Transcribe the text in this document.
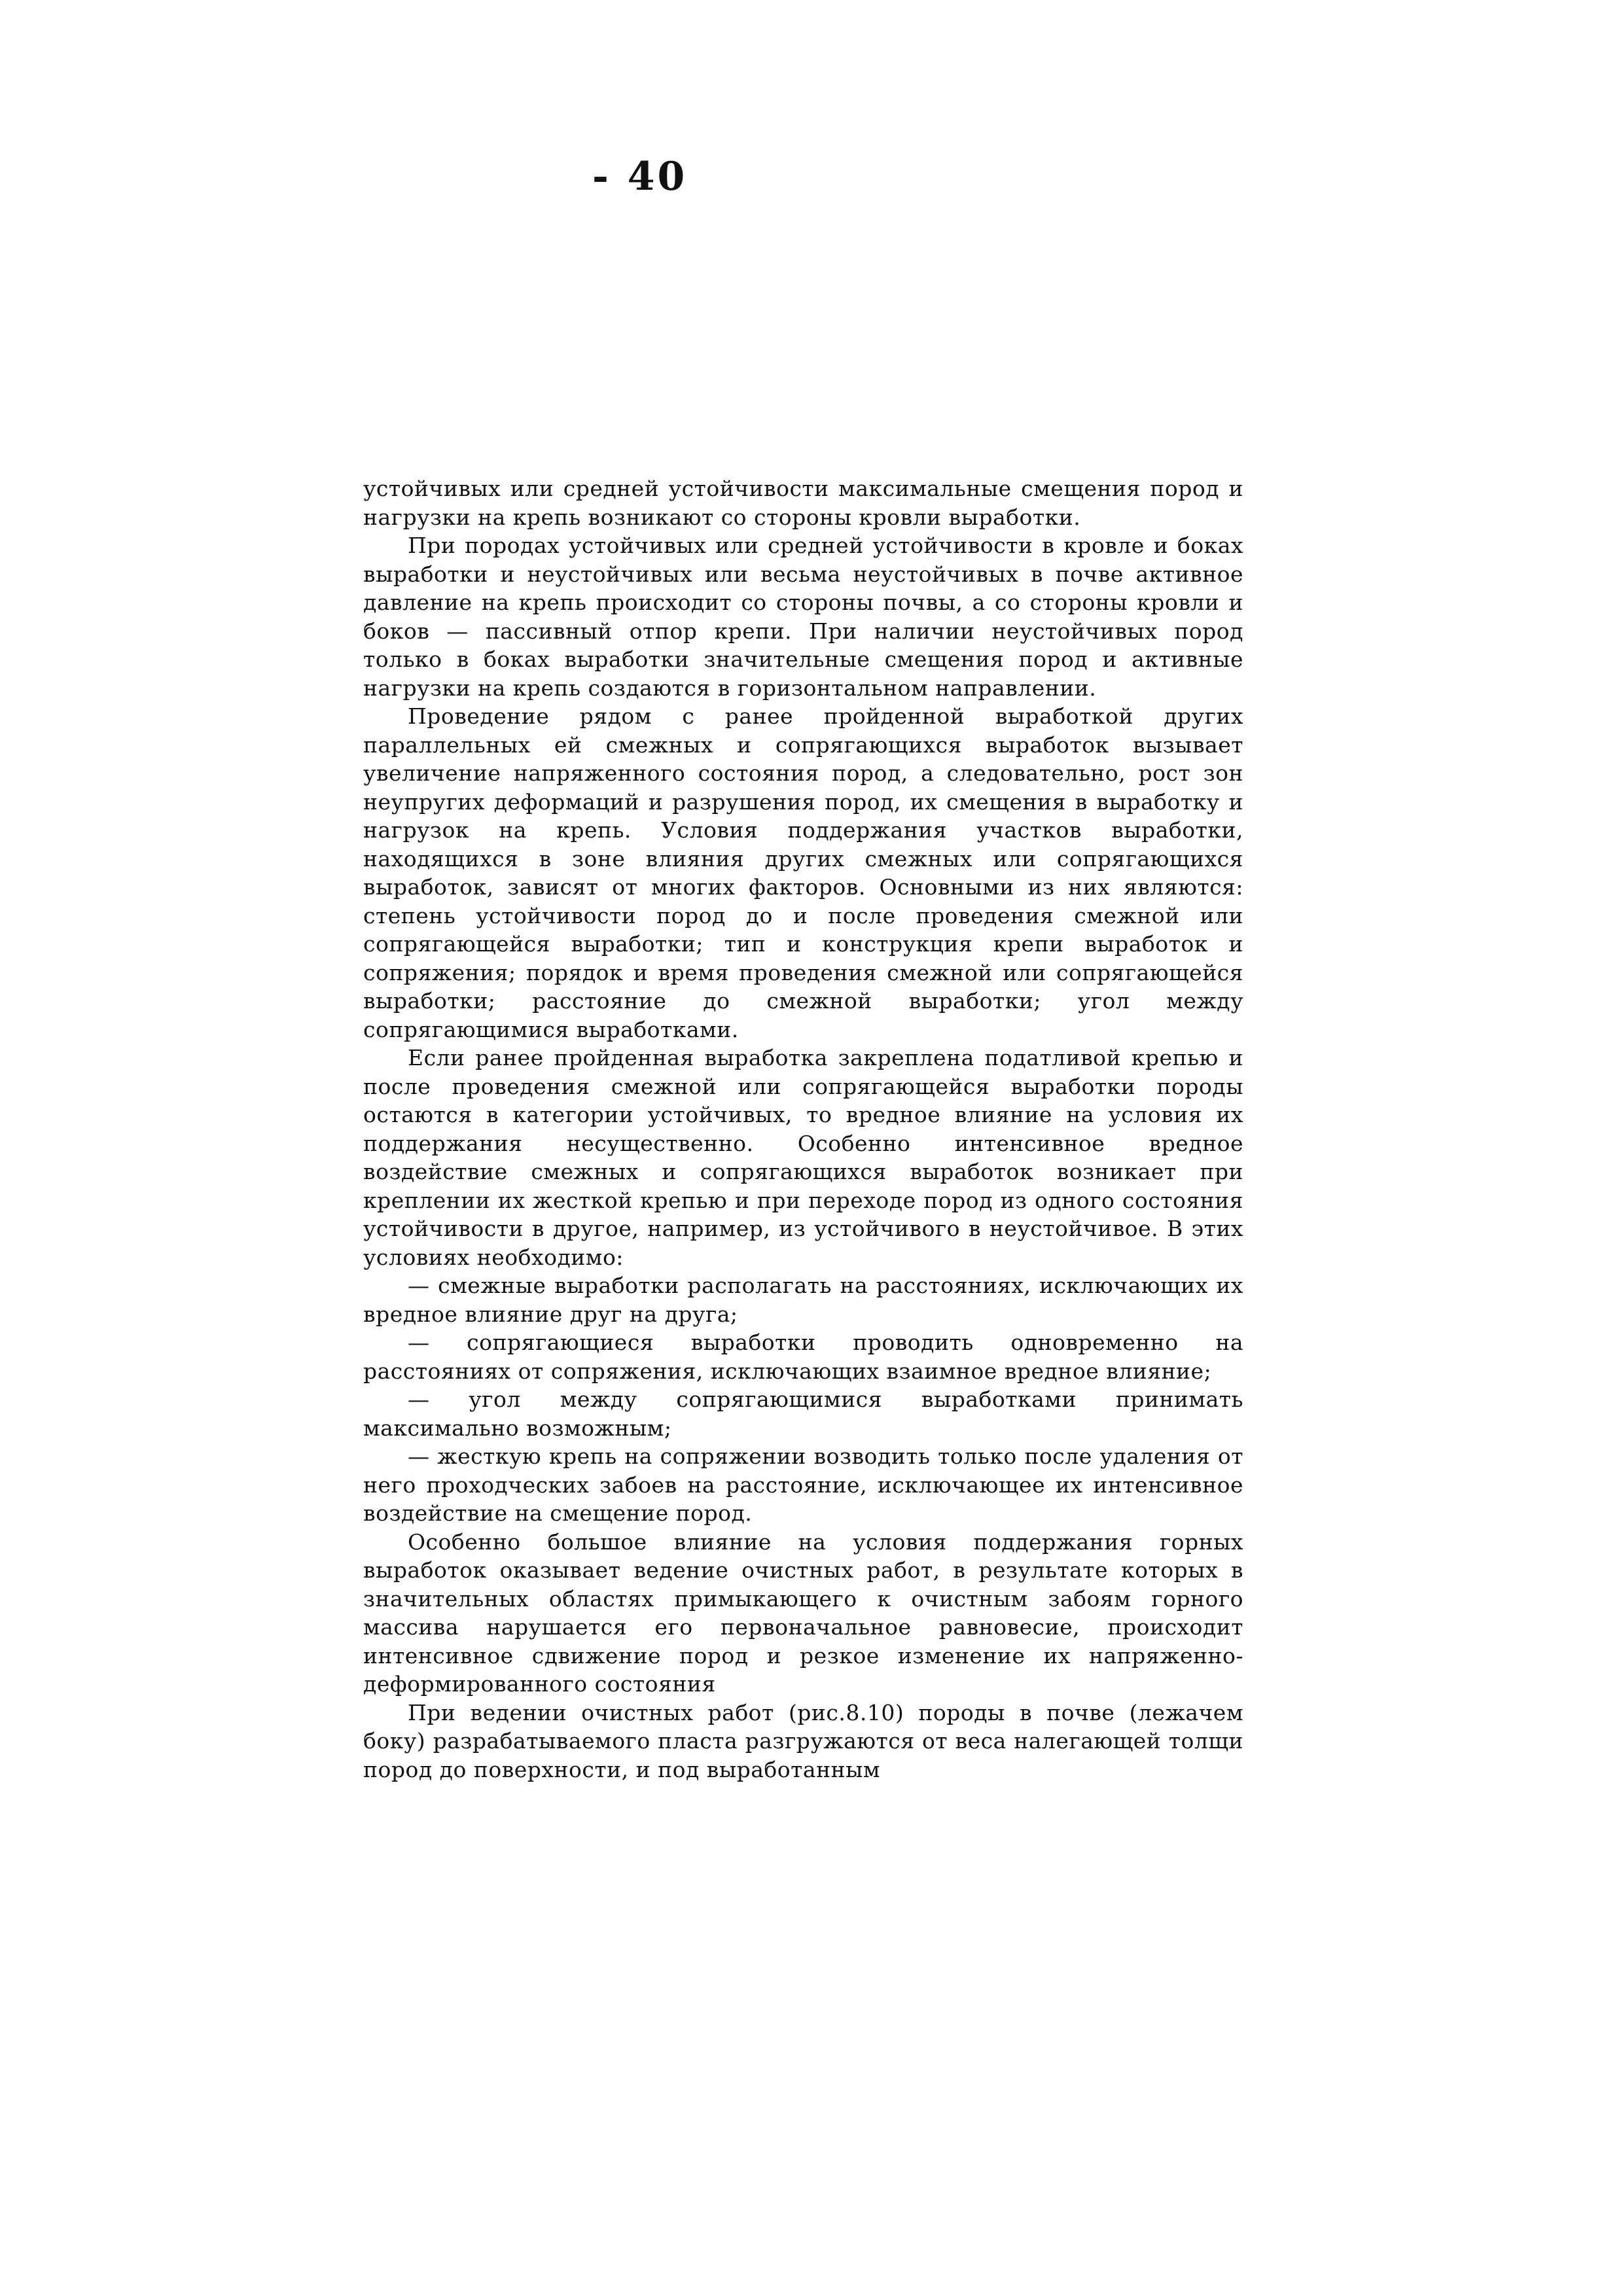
- 40

устойчивых или средней устойчивости максимальные смещения пород и нагрузки на крепь возникают со стороны кровли выработки.

При породах устойчивых или средней устойчивости в кровле и боках выработки и неустойчивых или весьма неустойчивых в почве активное давление на крепь происходит со стороны почвы, а со стороны кровли и боков — пассивный отпор крепи. При наличии неустойчивых пород только в боках выработки значительные смещения пород и активные нагрузки на крепь создаются в горизонтальном направлении.

Проведение рядом с ранее пройденной выработкой других параллельных ей смежных и сопрягающихся выработок вызывает увеличение напряженного состояния пород, а следовательно, рост зон неупругих деформаций и разрушения пород, их смещения в выработку и нагрузок на крепь. Условия поддержания участков выработки, находящихся в зоне влияния других смежных или сопрягающихся выработок, зависят от многих факторов. Основными из них являются: степень устойчивости пород до и после проведения смежной или сопрягающейся выработки; тип и конструкция крепи выработок и сопряжения; порядок и время проведения смежной или сопрягающейся выработки; расстояние до смежной выработки; угол между сопрягающимися выработками.

Если ранее пройденная выработка закреплена податливой крепью и после проведения смежной или сопрягающейся выработки породы остаются в категории устойчивых, то вредное влияние на условия их поддержания несущественно. Особенно интенсивное вредное воздействие смежных и сопрягающихся выработок возникает при креплении их жесткой крепью и при переходе пород из одного состояния устойчивости в другое, например, из устойчивого в неустойчивое. В этих условиях необходимо:

— смежные выработки располагать на расстояниях, исключающих их вредное влияние друг на друга;

— сопрягающиеся выработки проводить одновременно на расстояниях от сопряжения, исключающих взаимное вредное влияние;

— угол между сопрягающимися выработками принимать максимально возможным;

— жесткую крепь на сопряжении возводить только после удаления от него проходческих забоев на расстояние, исключающее их интенсивное воздействие на смещение пород.

Особенно большое влияние на условия поддержания горных выработок оказывает ведение очистных работ, в результате которых в значительных областях примыкающего к очистным забоям горного массива нарушается его первоначальное равновесие, происходит интенсивное сдвижение пород и резкое изменение их напряженно-деформированного состояния

При ведении очистных работ (рис.8.10) породы в почве (лежачем боку) разрабатываемого пласта разгружаются от веса налегающей толщи пород до поверхности, и под выработанным
